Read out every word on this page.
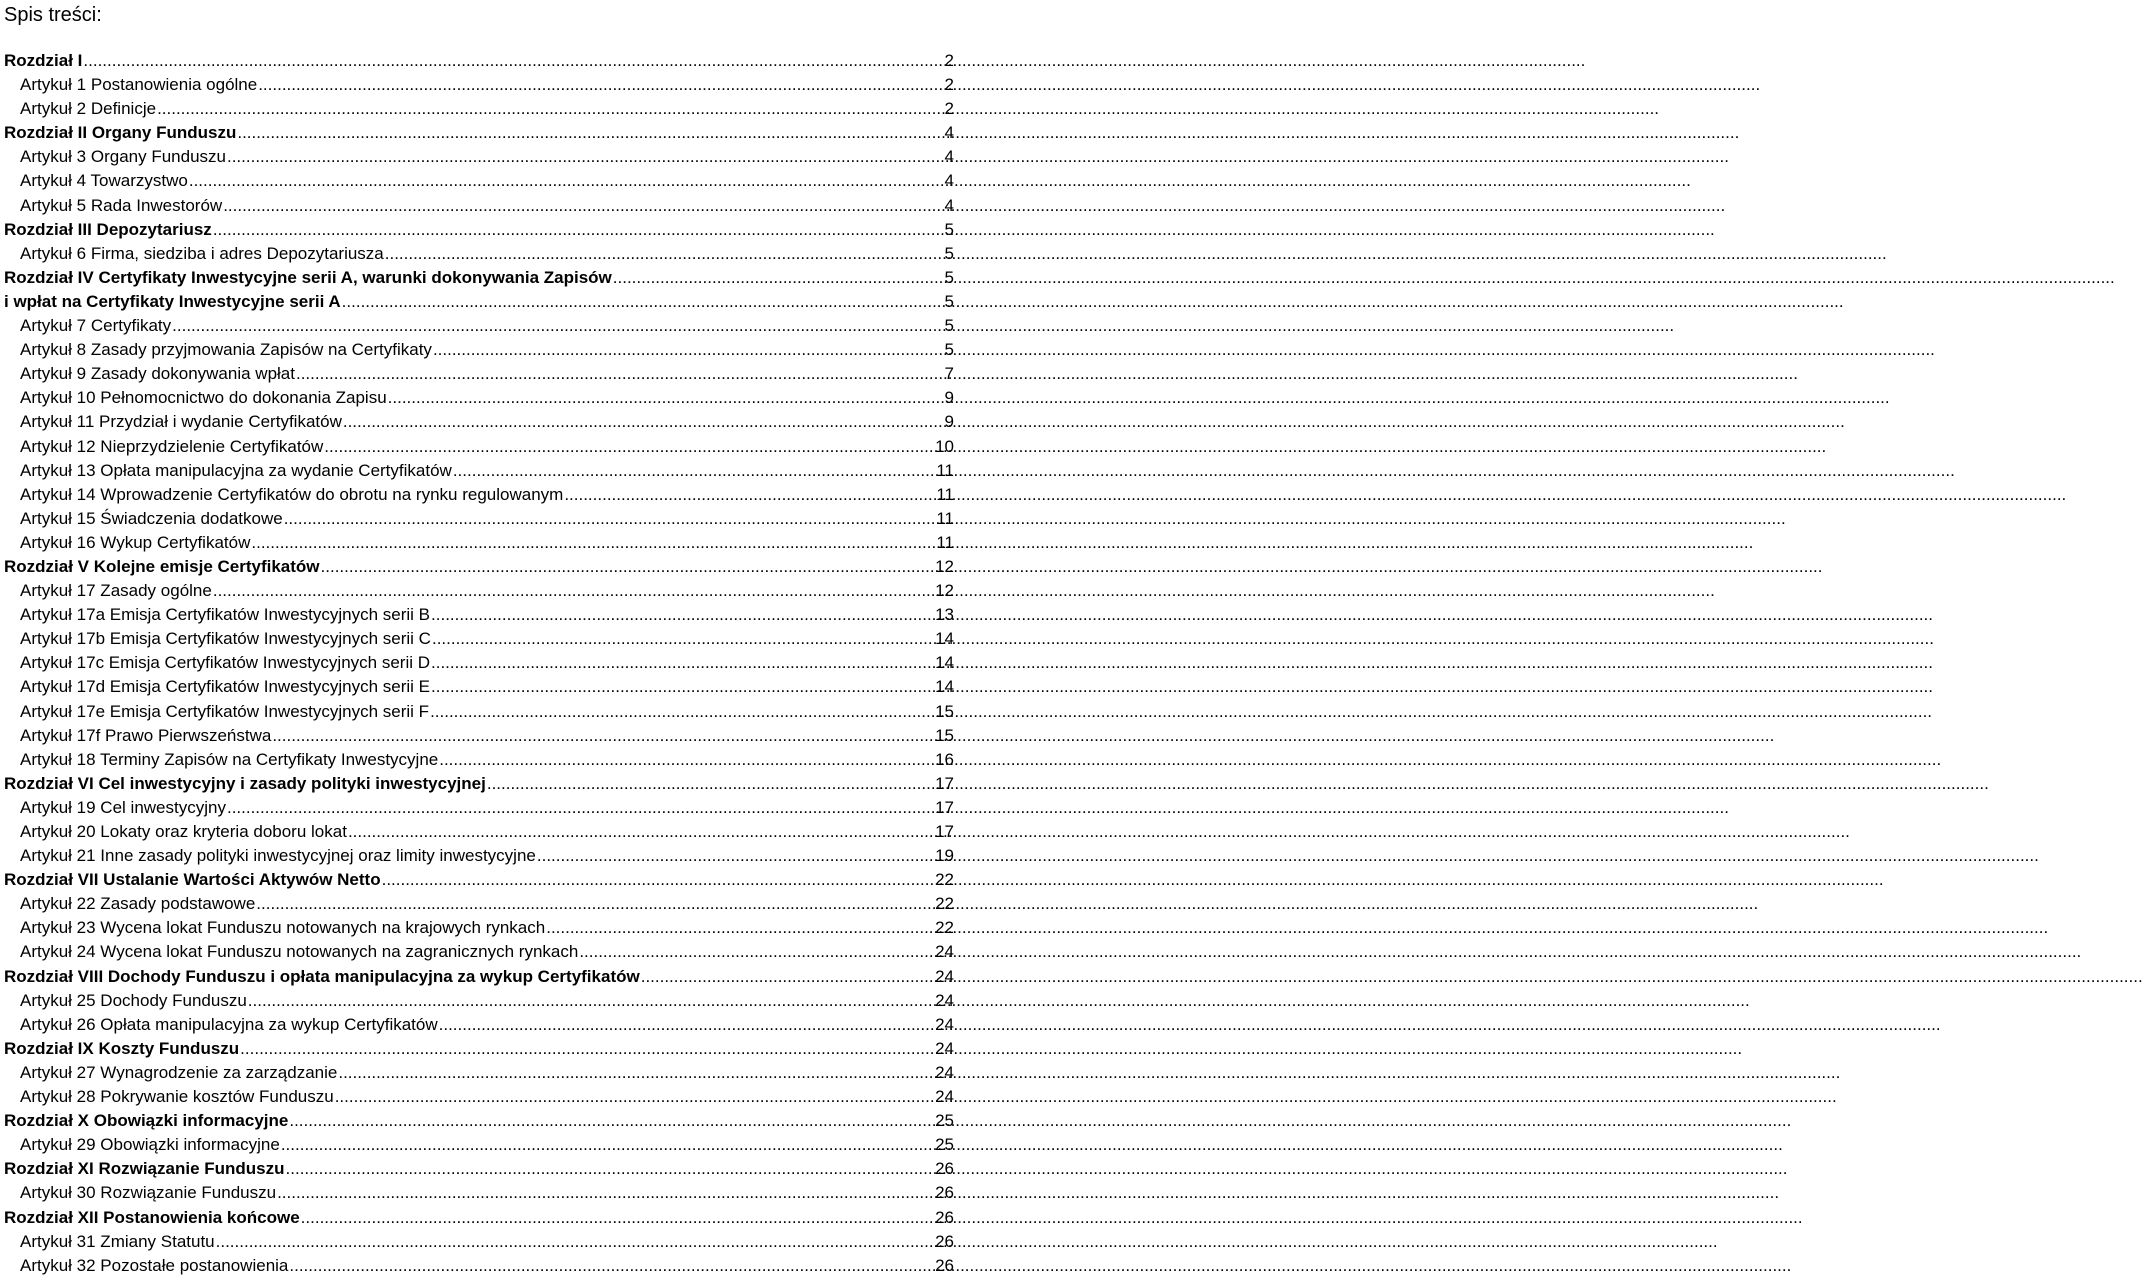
Spis treści:
Rozdział I .....	2
Artykuł 1 Postanowienia ogólne .....	2
Artykuł 2 Definicje .....	2
Rozdział II Organy Funduszu .....	4
Artykuł 3 Organy Funduszu .....	4
Artykuł 4 Towarzystwo .....	4
Artykuł 5 Rada Inwestorów .....	4
Rozdział III Depozytariusz .....	5
Artykuł 6 Firma, siedziba i adres Depozytariusza .....	5
Rozdział IV Certyfikaty Inwestycyjne serii A, warunki dokonywania Zapisów .....	5
i wpłat na Certyfikaty Inwestycyjne serii A .....	5
Artykuł 7 Certyfikaty .....	5
Artykuł 8 Zasady przyjmowania Zapisów na Certyfikaty .....	5
Artykuł 9 Zasady dokonywania wpłat .....	7
Artykuł 10 Pełnomocnictwo do dokonania Zapisu .....	9
Artykuł 11 Przydział i wydanie Certyfikatów .....	9
Artykuł 12 Nieprzydzielenie Certyfikatów .....	10
Artykuł 13 Opłata manipulacyjna za wydanie Certyfikatów .....	11
Artykuł 14 Wprowadzenie Certyfikatów do obrotu na rynku regulowanym .....	11
Artykuł 15 Świadczenia dodatkowe .....	11
Artykuł 16 Wykup Certyfikatów .....	11
Rozdział V Kolejne emisje Certyfikatów .....	12
Artykuł 17 Zasady ogólne .....	12
Artykuł 17a Emisja Certyfikatów Inwestycyjnych serii B .....	13
Artykuł 17b Emisja Certyfikatów Inwestycyjnych serii C .....	14
Artykuł 17c Emisja Certyfikatów Inwestycyjnych serii D .....	14
Artykuł 17d Emisja Certyfikatów Inwestycyjnych serii E .....	14
Artykuł 17e Emisja Certyfikatów Inwestycyjnych serii F .....	15
Artykuł 17f Prawo Pierwszeństwa .....	15
Artykuł 18 Terminy Zapisów na Certyfikaty Inwestycyjne .....	16
Rozdział VI Cel inwestycyjny i zasady polityki inwestycyjnej .....	17
Artykuł 19 Cel inwestycyjny .....	17
Artykuł 20 Lokaty oraz kryteria doboru lokat .....	17
Artykuł 21 Inne zasady polityki inwestycyjnej oraz limity inwestycyjne .....	19
Rozdział VII Ustalanie Wartości Aktywów Netto .....	22
Artykuł 22 Zasady podstawowe .....	22
Artykuł 23 Wycena lokat Funduszu notowanych na krajowych rynkach .....	22
Artykuł 24 Wycena lokat Funduszu notowanych na zagranicznych rynkach .....	24
Rozdział VIII Dochody Funduszu i opłata manipulacyjna za wykup Certyfikatów .....	24
Artykuł 25 Dochody Funduszu .....	24
Artykuł 26 Opłata manipulacyjna za wykup Certyfikatów .....	24
Rozdział IX Koszty Funduszu .....	24
Artykuł 27 Wynagrodzenie za zarządzanie .....	24
Artykuł 28 Pokrywanie kosztów Funduszu .....	24
Rozdział X Obowiązki informacyjne .....	25
Artykuł 29 Obowiązki informacyjne .....	25
Rozdział XI Rozwiązanie Funduszu .....	26
Artykuł 30 Rozwiązanie Funduszu .....	26
Rozdział XII Postanowienia końcowe .....	26
Artykuł 31 Zmiany Statutu .....	26
Artykuł 32 Pozostałe postanowienia .....	26
